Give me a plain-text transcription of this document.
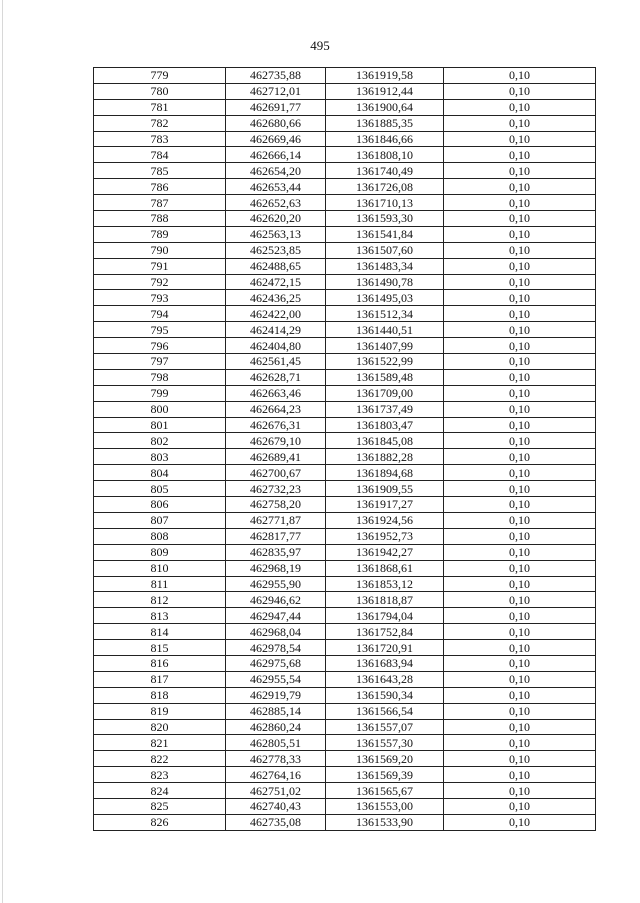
495
779	462735,88	1361919,58	0,10
780	462712,01	1361912,44	0,10
781	462691,77	1361900,64	0,10
782	462680,66	1361885,35	0,10
783	462669,46	1361846,66	0,10
784	462666,14	1361808,10	0,10
785	462654,20	1361740,49	0,10
786	462653,44	1361726,08	0,10
787	462652,63	1361710,13	0,10
788	462620,20	1361593,30	0,10
789	462563,13	1361541,84	0,10
790	462523,85	1361507,60	0,10
791	462488,65	1361483,34	0,10
792	462472,15	1361490,78	0,10
793	462436,25	1361495,03	0,10
794	462422,00	1361512,34	0,10
795	462414,29	1361440,51	0,10
796	462404,80	1361407,99	0,10
797	462561,45	1361522,99	0,10
798	462628,71	1361589,48	0,10
799	462663,46	1361709,00	0,10
800	462664,23	1361737,49	0,10
801	462676,31	1361803,47	0,10
802	462679,10	1361845,08	0,10
803	462689,41	1361882,28	0,10
804	462700,67	1361894,68	0,10
805	462732,23	1361909,55	0,10
806	462758,20	1361917,27	0,10
807	462771,87	1361924,56	0,10
808	462817,77	1361952,73	0,10
809	462835,97	1361942,27	0,10
810	462968,19	1361868,61	0,10
811	462955,90	1361853,12	0,10
812	462946,62	1361818,87	0,10
813	462947,44	1361794,04	0,10
814	462968,04	1361752,84	0,10
815	462978,54	1361720,91	0,10
816	462975,68	1361683,94	0,10
817	462955,54	1361643,28	0,10
818	462919,79	1361590,34	0,10
819	462885,14	1361566,54	0,10
820	462860,24	1361557,07	0,10
821	462805,51	1361557,30	0,10
822	462778,33	1361569,20	0,10
823	462764,16	1361569,39	0,10
824	462751,02	1361565,67	0,10
825	462740,43	1361553,00	0,10
826	462735,08	1361533,90	0,10
